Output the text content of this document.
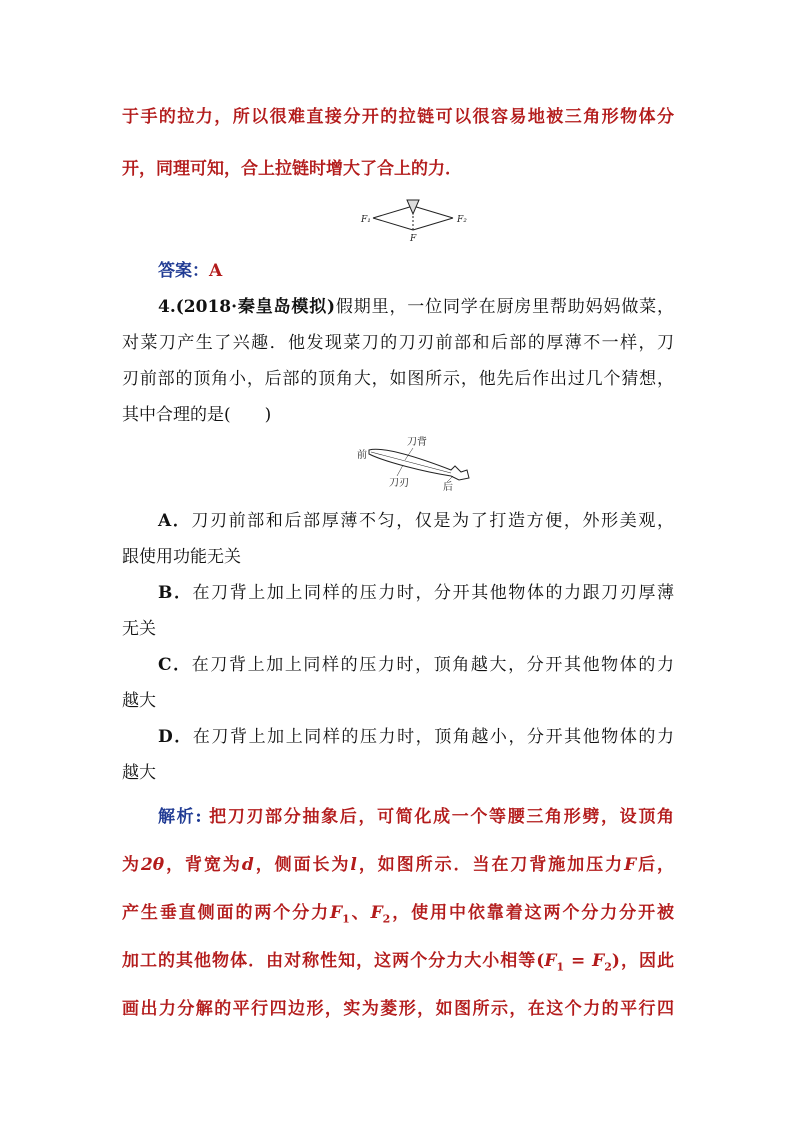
于手的拉力，所以很难直接分开的拉链可以很容易地被三角形物体分
开，同理可知，合上拉链时增大了合上的力．
F₁	F₂
F
答案：A
4.(2018·秦皇岛模拟)假期里，一位同学在厨房里帮助妈妈做菜，
对菜刀产生了兴趣．他发现菜刀的刀刃前部和后部的厚薄不一样，刀
刃前部的顶角小，后部的顶角大，如图所示，他先后作出过几个猜想，
其中合理的是(　　)
前
刀背
刀刃	后
A．刀刃前部和后部厚薄不匀，仅是为了打造方便，外形美观，
跟使用功能无关
B．在刀背上加上同样的压力时，分开其他物体的力跟刀刃厚薄
无关
C．在刀背上加上同样的压力时，顶角越大，分开其他物体的力
越大
D．在刀背上加上同样的压力时，顶角越小，分开其他物体的力
越大
解析: 把刀刃部分抽象后，可简化成一个等腰三角形劈，设顶角
为2θ，背宽为d，侧面长为l，如图所示．当在刀背施加压力F后，
产生垂直侧面的两个分力$F_1$、$F_2$，使用中依靠着这两个分力分开被
加工的其他物体．由对称性知，这两个分力大小相等$(F_1 = F_2)$，因此
画出力分解的平行四边形，实为菱形，如图所示，在这个力的平行四
